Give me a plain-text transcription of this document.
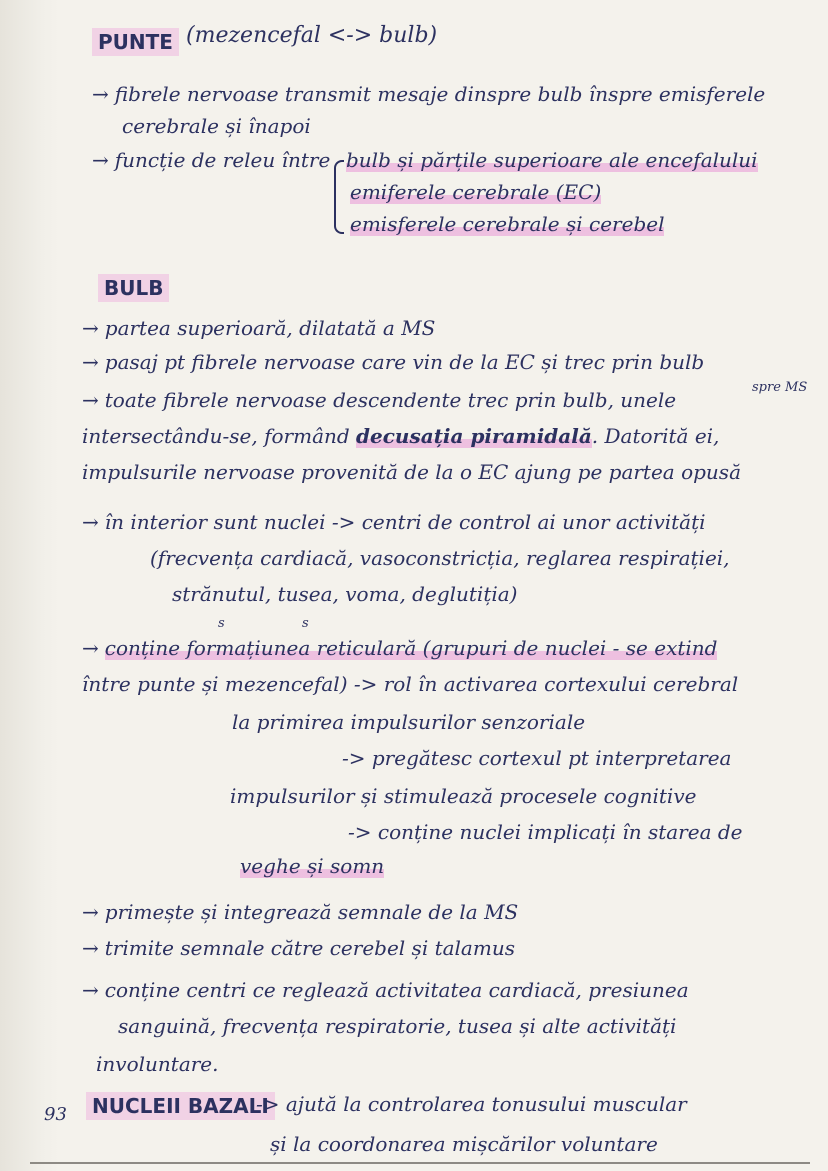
PUNTE (mezencefal <-> bulb)
→ fibrele nervoase transmit mesaje dinspre bulb înspre emisferele
cerebrale și înapoi
→ funcție de releu între bulb și părțile superioare ale encefalului
emiferele cerebrale (EC)
emisferele cerebrale și cerebel
BULB
→ partea superioară, dilatată a MS
→ pasaj pt fibrele nervoase care vin de la EC și trec prin bulb
→ toate fibrele nervoase descendente trec prin bulb, unele
spre MS
intersectându-se, formând decusația piramidală. Datorită ei,
impulsurile nervoase provenită de la o EC ajung pe partea opusă
→ în interior sunt nuclei -> centri de control ai unor activități
(frecvența cardiacă, vasoconstricția, reglarea respirației,
strănutul, tusea, voma, deglutiția)
s	s
→ conține formațiunea reticulară (grupuri de nuclei - se extind
între punte și mezencefal) -> rol în activarea cortexului cerebral
la primirea impulsurilor senzoriale
-> pregătesc cortexul pt interpretarea
impulsurilor și stimulează procesele cognitive
-> conține nuclei implicați în starea de
veghe și somn
→ primește și integrează semnale de la MS
→ trimite semnale către cerebel și talamus
→ conține centri ce reglează activitatea cardiacă, presiunea
sanguină, frecvența respiratorie, tusea și alte activități
involuntare.
93	NUCLEII BAZALI
-> ajută la controlarea tonusului muscular
și la coordonarea mișcărilor voluntare
